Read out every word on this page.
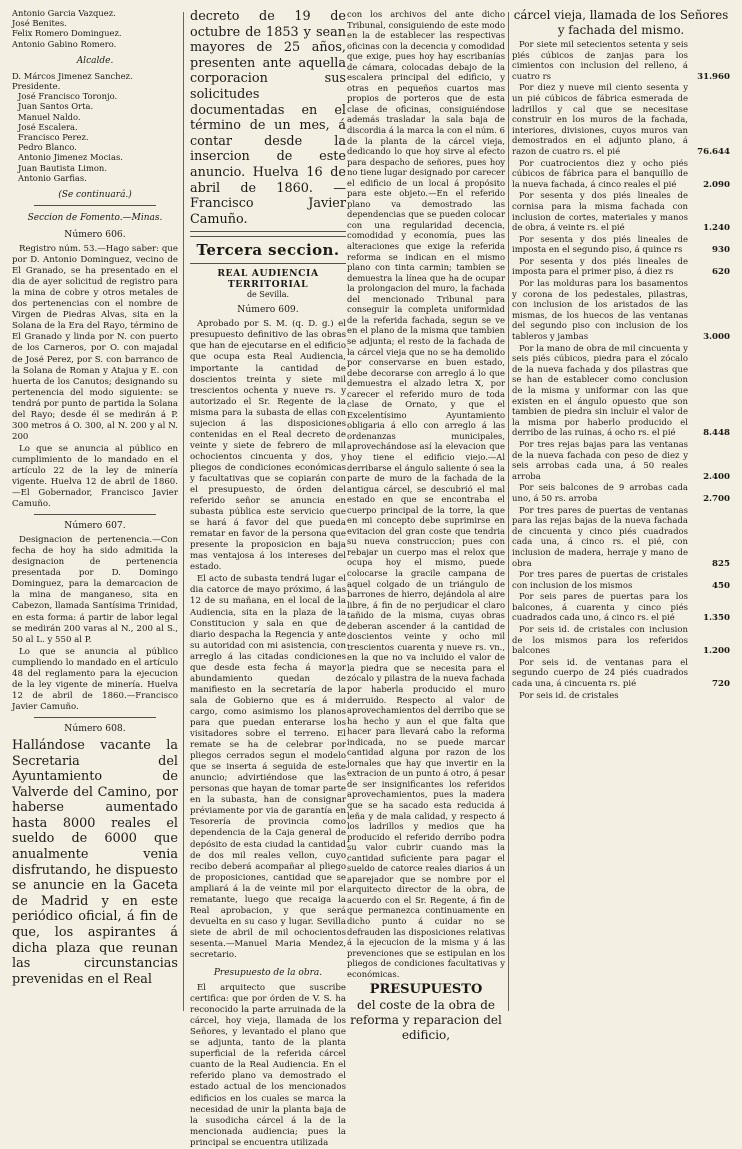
Antonio Garcia Vazquez.

José Benites.

Felix Romero Dominguez.

Antonio Gabino Romero.

Alcalde.

D. Márcos Jimenez Sanchez. Presidente.

José Francisco Toronjo.

Juan Santos Orta.

Manuel Naldo.

José Escalera.

Francisco Perez.

Pedro Blanco.

Antonio Jimenez Mocias.

Juan Bautista Limon.

Antonio Garfias.

(Se continuará.)

Seccion de Fomento.—Minas.

Número 606.

Registro núm. 53.—Hago saber: que por D. Antonio Dominguez, vecino de El Granado, se ha presentado en el dia de ayer solicitud de registro para la mina de cobre y otros metales de dos pertenencias con el nombre de Virgen de Piedras Alvas, sita en la Solana de la Era del Rayo, término de El Granado y linda por N. con puerto de los Carneros, por O. con majadal de José Perez, por S. con barranco de la Solana de Roman y Atajua y E. con huerta de los Canutos; designando su pertenencia del modo siguiente: se tendrá por punto de partida la Solana del Rayo; desde él se medirán á P. 300 metros á O. 300, al N. 200 y al N. 200

Lo que se anuncia al público en cumplimiento de lo mandado en el artículo 22 de la ley de minería vigente. Huelva 12 de abril de 1860.—El Gobernador, Francisco Javier Camuño.

Número 607.

Designacion de pertenencia.—Con fecha de hoy ha sido admitida la designacion de pertenencia presentada por D. Domingo Dominguez, para la demarcacion de la mina de manganeso, sita en Cabezon, llamada Santísima Trinidad, en esta forma: á partir de labor legal se medirán 200 varas al N., 200 al S., 50 al L. y 550 al P.

Lo que se anuncia al público cumpliendo lo mandado en el artículo 48 del reglamento para la ejecucion de la ley vigente de minería. Huelva 12 de abril de 1860.—Francisco Javier Camuño.

Número 608.

Hallándose vacante la Secretaria del Ayuntamiento de Valverde del Camino, por haberse aumentado hasta 8000 reales el sueldo de 6000 que anualmente venia disfrutando, he dispuesto se anuncie en la Gaceta de Madrid y en este periódico oficial, á fin de que, los aspirantes á dicha plaza que reunan las circunstancias prevenidas en el Real

decreto de 19 de octubre de 1853 y sean mayores de 25 años, presenten ante aquella corporacion sus solicitudes documentadas en el término de un mes, á contar desde la insercion de este anuncio. Huelva 16 de abril de 1860. —Francisco Javier Camuño.

Tercera seccion.

REAL AUDIENCIA TERRITORIAL

de Sevilla.

Número 609.

Aprobado por S. M. (q. D. g.) el presupuesto definitivo de las obras que han de ejecutarse en el edificio que ocupa esta Real Audiencia, importante la cantidad de doscientos treinta y siete mil trescientos ochenta y nueve rs. y autorizado el Sr. Regente de la misma para la subasta de ellas con sujecion á las disposiciones contenidas en el Real decreto de veinte y siete de febrero de mil ochocientos cincuenta y dos, y pliegos de condiciones económicas y facultativas que se copiarán con el presupuesto, de órden del referido señor se anuncia en subasta pública este servicio que se hará á favor del que pueda rematar en favor de la persona que presente la proposicion en baja mas ventajosa á los intereses del estado.

El acto de subasta tendrá lugar el dia catorce de mayo próximo, á las 12 de su mañana, en el local de la Audiencia, sita en la plaza de la Constitucion y sala en que de diario despacha la Regencia y ante su autoridad con mi asistencia, con arreglo á las citadas condiciones que desde esta fecha á mayor abundamiento quedan de manifiesto en la secretaría de la sala de Gobierno que es á mi cargo, como asimismo los planos para que puedan enterarse los visitadores sobre el terreno. El remate se ha de celebrar por pliegos cerrados segun el modelo que se inserta á seguida de este anuncio; advirtiéndose que las personas que hayan de tomar parte en la subasta, han de consignar préviamente por via de garantía en Tesorería de provincia como dependencia de la Caja general de depósito de esta ciudad la cantidad de dos mil reales vellon, cuyo recibo deberá acompañar al pliego de proposiciones, cantidad que se ampliará á la de veinte mil por el rematante, luego que recaiga la Real aprobacion, y que será devuelta en su caso y lugar. Sevilla siete de abril de mil ochocientos sesenta.—Manuel Maria Mendez, secretario.

Presupuesto de la obra.

El arquitecto que suscribe certifica: que por órden de V. S. ha reconocido la parte arruinada de la cárcel, hoy vieja, llamada de los Señores, y levantado el plano que se adjunta, tanto de la planta superficial de la referida cárcel cuanto de la Real Audiencia. En el referido plano va demostrado el estado actual de los mencionados edificios en los cuales se marca la necesidad de unir la planta baja de la susodicha cárcel á la de la mencionada audiencia; pues la principal se encuentra utilizada

con los archivos del ante dicho Tribunal, consiguiendo de este modo en la de establecer las respectivas oficinas con la decencia y comodidad que exige, pues hoy hay escribanías de cámara, colocadas debajo de la escalera principal del edificio, y otras en pequeños cuartos mas propios de porteros que de esta clase de oficinas, consiguiéndose además trasladar la sala baja de discordia á la marca la con el núm. 6 de la planta de la cárcel vieja, dedicando lo que hoy sirve al efecto para despacho de señores, pues hoy no tiene lugar designado por carecer el edificio de un local á propósito para este objeto.—En el referido plano va demostrado las dependencias que se pueden colocar con una regularidad decencia, comodidad y economía, pues las alteraciones que exige la referida reforma se indican en el mismo plano con tinta carmin; tambien se demuestra la línea que ha de ocupar la prolongacion del muro, la fachada del mencionado Tribunal para conseguir la completa uniformidad de la referida fachada, segun se ve en el plano de la misma que tambien se adjunta; el resto de la fachada de la cárcel vieja que no se ha demolido por conservarse en buen estado, debe decorarse con arreglo á lo que demuestra el alzado letra X, por carecer el referido muro de toda clase de Ornato, y que el Excelentísimo Ayuntamiento obligaria á ello con arreglo á las ordenanzas municipales, aprovechándose así la elevacion que hoy tiene el edificio viejo.—Al derribarse el ángulo saliente ó sea la parte de muro de la fachada de la antigua cárcel, se descubrió el mal estado en que se encontraba el cuerpo principal de la torre, la que en mi concepto debe suprimirse en evitacion del gran coste que tendria su nueva construccion; pues con rebajar un cuerpo mas el relox que ocupa hoy el mismo, puede colocarse la gracile campana de aquel colgado de un triángulo de barrones de hierro, dejándola al aire libre, á fin de no perjudicar el claro tañido de la misma, cuyas obras deberan ascender á la cantidad de doscientos veinte y ocho mil trescientos cuarenta y nueve rs. vn., en la que no va incluido el valor de la piedra que se necesita para el zócalo y pilastra de la nueva fachada por haberla producido el muro derruido. Respecto al valor de aprovechamientos del derribo que se ha hecho y aun el que falta que hacer para llevará cabo la reforma indicada, no se puede marcar cantidad alguna por razon de los jornales que hay que invertir en la extracion de un punto á otro, á pesar de ser insignificantes los referidos aprovechamientos, pues la madera que se ha sacado esta reducida á leña y de mala calidad, y respecto á los ladrillos y medios que ha producido el referido derribo podra su valor cubrir cuando mas la cantidad suficiente para pagar el sueldo de catorce reales diarios á un aparejador que se nombre por el arquitecto director de la obra, de acuerdo con el Sr. Regente, á fin de que permanezca continuamente en dicho punto á cuidar no se defrauden las disposiciones relativas á la ejecucion de la misma y á las prevenciones que se estipulan en los pliegos de condiciones facultativas y económicas.

PRESUPUESTO

del coste de la obra de reforma y reparacion del edificio,

cárcel vieja, llamada de los Señores y fachada del mismo.

Por siete mil setecientos setenta y seis piés cúbicos de zanjas para los cimientos con inclusion del relleno, á cuatro rs	31.960

Por diez y nueve mil ciento sesenta y un pié cúbicos de fábrica esmerada de ladrillos y cal que se necesitase construir en los muros de la fachada, interiores, divisiones, cuyos muros van demostrados en el adjunto plano, á razon de cuatro rs. el pié	76.644

Por cuatrocientos diez y ocho piés cúbicos de fábrica para el banquillo de la nueva fachada, á cinco reales el pié	2.090

Por sesenta y dos piés lineales de cornisa para la misma fachada con inclusion de cortes, materiales y manos de obra, á veinte rs. el pié	1.240

Por sesenta y dos piés lineales de imposta en el segundo piso, á quince rs	930

Por sesenta y dos piés lineales de imposta para el primer piso, á diez rs	620

Por las molduras para los basamentos y corona de los pedestales, pilastras, con inclusion de los aristados de las mismas, de los huecos de las ventanas del segundo piso con inclusion de los tableros y jambas	3.000

Por la mano de obra de mil cincuenta y seis piés cúbicos, piedra para el zócalo de la nueva fachada y dos pilastras que se han de establecer como conclusion de la misma y uniformar con las que existen en el ángulo opuesto que son tambien de piedra sin incluir el valor de la misma por haberlo producido el derribo de las ruinas, á ocho rs. el pié	8.448

Por tres rejas bajas para las ventanas de la nueva fachada con peso de diez y seis arrobas cada una, á 50 reales arroba	2.400

Por seis balcones de 9 arrobas cada uno, á 50 rs. arroba	2.700

Por tres pares de puertas de ventanas para las rejas bajas de la nueva fachada de cincuenta y cinco piés cuadrados cada una, á cinco rs. el pié, con inclusion de madera, herraje y mano de obra	825

Por tres pares de puertas de cristales con inclusion de los mismos	450

Por seis pares de puertas para los balcones, á cuarenta y cinco piés cuadrados cada uno, á cinco rs. el pié	1.350

Por seis id. de cristales con inclusion de los mismos para los referidos balcones	1.200

Por seis id. de ventanas para el segundo cuerpo de 24 piés cuadrados cada una, á cincuenta rs. pié	720

Por seis id. de cristales
